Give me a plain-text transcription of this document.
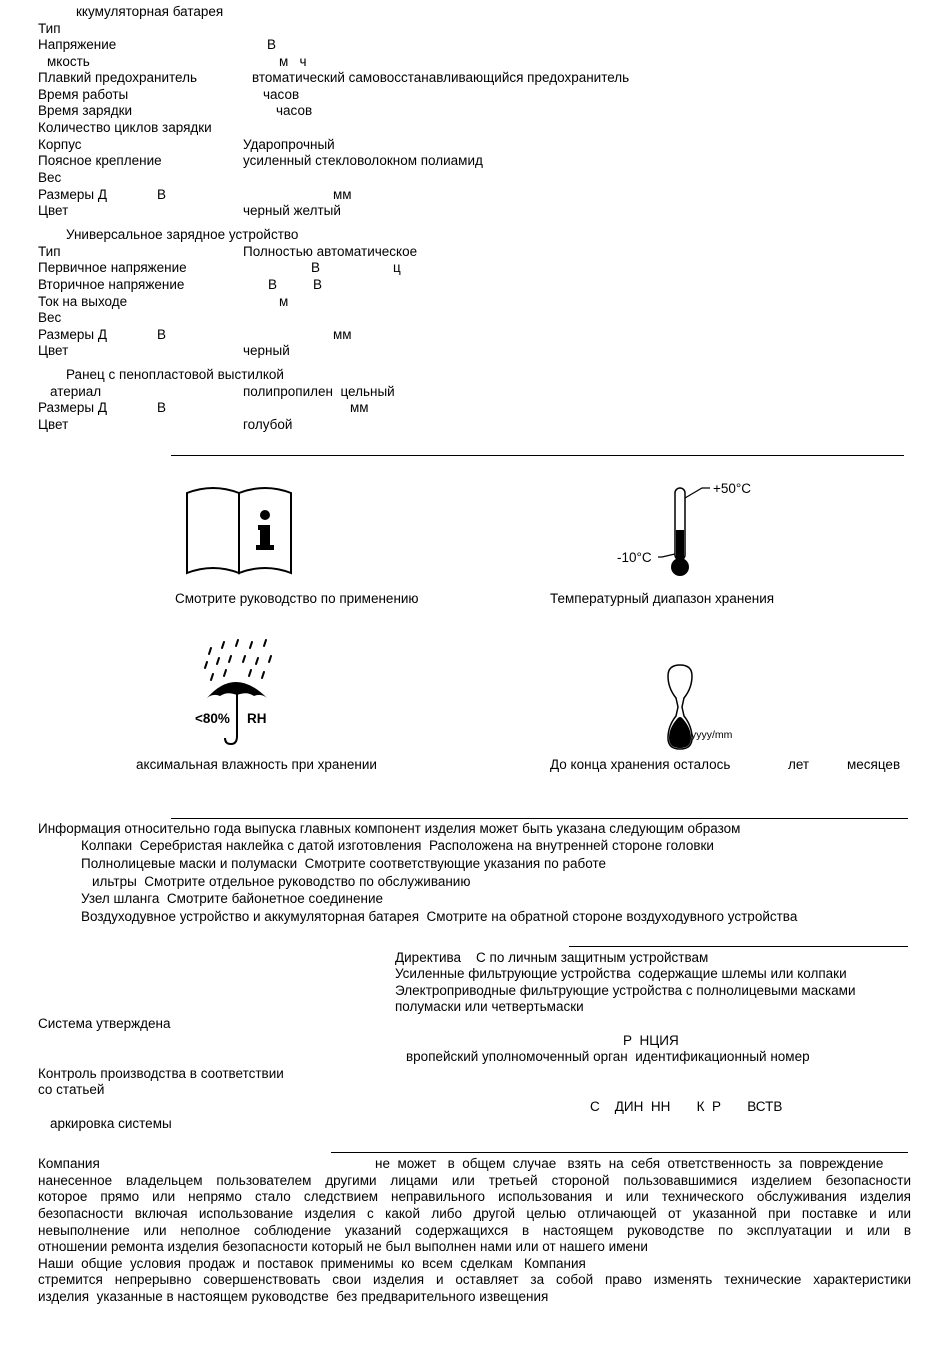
ккумуляторная батарея
Тип
Напряжение	В
мкость	м   ч
Плавкий предохранитель	втоматический самовосстанавливающийся предохранитель
Время работы	часов
Время зарядки	часов
Количество циклов зарядки
Корпус	Ударопрочный
Поясное крепление	усиленный стекловолокном полиамид
Вес
Размеры Д	В	мм
Цвет	черный желтый
Универсальное зарядное устройство
Тип	Полностью автоматическое
Первичное напряжение	В	ц
Вторичное напряжение	В	В
Ток на выходе	м
Вес
Размеры Д	В	мм
Цвет	черный
Ранец с пенопластовой выстилкой
атериал	полипропилен  цельный
Размеры Д	В	мм
Цвет	голубой
Смотрите руководство по применению
+50°C
-10°C
Температурный диапазон хранения
<80% RH
аксимальная влажность при хранении
yyyy/mm
До конца хранения осталось	лет	месяцев
Информация относительно года выпуска главных компонент изделия может быть указана следующим образом
Колпаки  Серебристая наклейка с датой изготовления  Расположена на внутренней стороне головки
Полнолицевые маски и полумаски  Смотрите соответствующие указания по работе
ильтры  Смотрите отдельное руководство по обслуживанию
Узел шланга  Смотрите байонетное соединение
Воздуходувное устройство и аккумуляторная батарея  Смотрите на обратной стороне воздуходувного устройства
Директива    С по личным защитным устройствам
Усиленные фильтрующие устройства  содержащие шлемы или колпаки
Электроприводные фильтрующие устройства с полнолицевыми масками
полумаски или четвертьмаски
Система утверждена
Р  НЦИЯ
вропейский уполномоченный орган  идентификационный номер
Контроль производства в соответствии
со статьей
С    ДИН  НН       К  Р       ВСТВ
аркировка системы
Компания	не  может   в  общем  случае   взять  на  себя  ответственность  за  повреждение
нанесенное владельцем пользователем другими лицами или третьей стороной пользовавшимися изделием безопасности
которое прямо или непрямо стало следствием неправильного использования и или технического обслуживания изделия
безопасности включая использование изделия с какой либо другой целью отличающей от указанной при поставке и или
невыполнение или неполное соблюдение указаний содержащихся в настоящем руководстве по эксплуатации и или в
отношении ремонта изделия безопасности который не был выполнен нами или от нашего имени
Наши  общие  условия  продаж  и  поставок  применимы  ко  всем  сделкам   Компания
стремится непрерывно совершенствовать свои изделия и оставляет за собой право изменять технические характеристики
изделия  указанные в настоящем руководстве  без предварительного извещения
